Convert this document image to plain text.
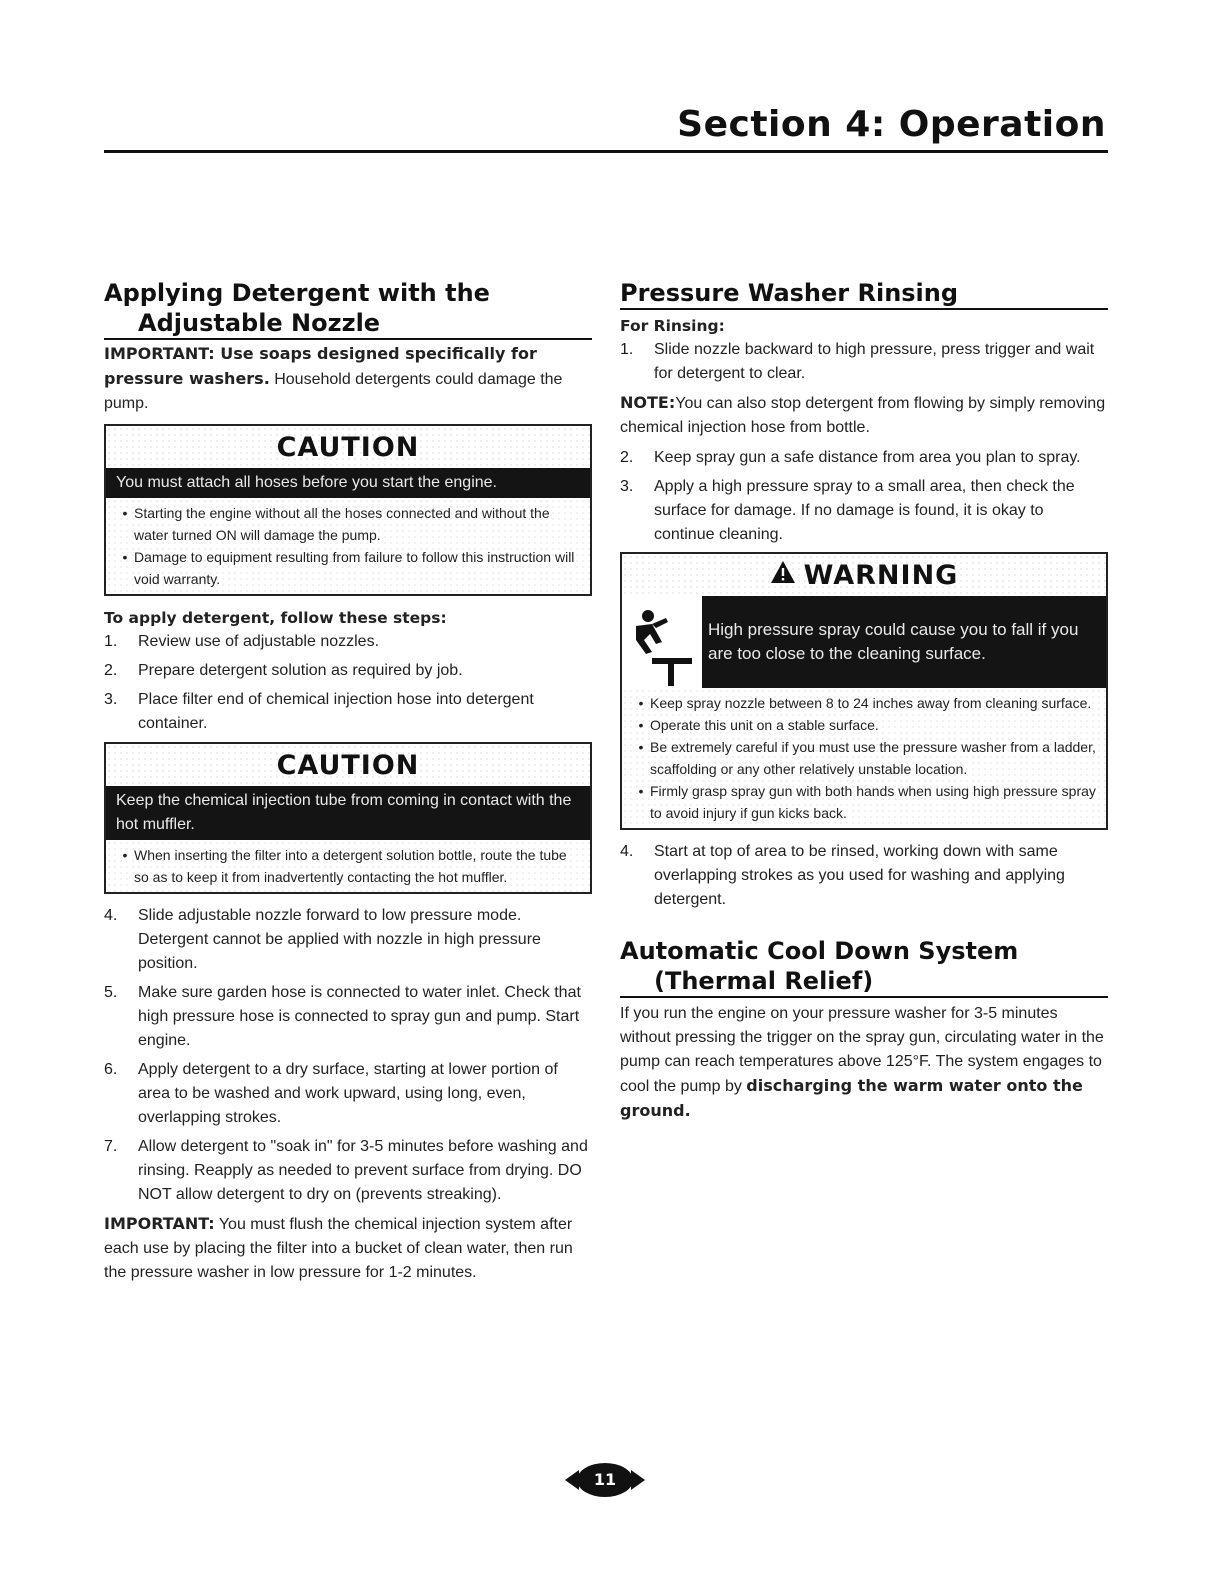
Section 4: Operation
Applying Detergent with the
Adjustable Nozzle

IMPORTANT: Use soaps designed specifically for pressure washers. Household detergents could damage the pump.

CAUTION
You must attach all hoses before you start the engine.
• Starting the engine without all the hoses connected and without the water turned ON will damage the pump.
• Damage to equipment resulting from failure to follow this instruction will void warranty.

To apply detergent, follow these steps:

1.	Review use of adjustable nozzles.
2.	Prepare detergent solution as required by job.
3.	Place filter end of chemical injection hose into detergent container.
CAUTION
Keep the chemical injection tube from coming in contact with the hot muffler.
• When inserting the filter into a detergent solution bottle, route the tube so as to keep it from inadvertently contacting the hot muffler.
4.	Slide adjustable nozzle forward to low pressure mode. Detergent cannot be applied with nozzle in high pressure position.
5.	Make sure garden hose is connected to water inlet. Check that high pressure hose is connected to spray gun and pump. Start engine.
6.	Apply detergent to a dry surface, starting at lower portion of area to be washed and work upward, using long, even, overlapping strokes.
7.	Allow detergent to "soak in" for 3-5 minutes before washing and rinsing. Reapply as needed to prevent surface from drying. DO NOT allow detergent to dry on (prevents streaking).

IMPORTANT: You must flush the chemical injection system after each use by placing the filter into a bucket of clean water, then run the pressure washer in low pressure for 1-2 minutes.

Pressure Washer Rinsing

For Rinsing:

1.	Slide nozzle backward to high pressure, press trigger and wait for detergent to clear.

NOTE:You can also stop detergent from flowing by simply removing chemical injection hose from bottle.

2.	Keep spray gun a safe distance from area you plan to spray.
3.	Apply a high pressure spray to a small area, then check the surface for damage. If no damage is found, it is okay to continue cleaning.
WARNING
High pressure spray could cause you to fall if you are too close to the cleaning surface.
• Keep spray nozzle between 8 to 24 inches away from cleaning surface.
• Operate this unit on a stable surface.
• Be extremely careful if you must use the pressure washer from a ladder, scaffolding or any other relatively unstable location.
• Firmly grasp spray gun with both hands when using high pressure spray to avoid injury if gun kicks back.
4.	Start at top of area to be rinsed, working down with same overlapping strokes as you used for washing and applying detergent.
Automatic Cool Down System
(Thermal Relief)

If you run the engine on your pressure washer for 3-5 minutes without pressing the trigger on the spray gun, circulating water in the pump can reach temperatures above 125°F. The system engages to cool the pump by discharging the warm water onto the ground.

11
